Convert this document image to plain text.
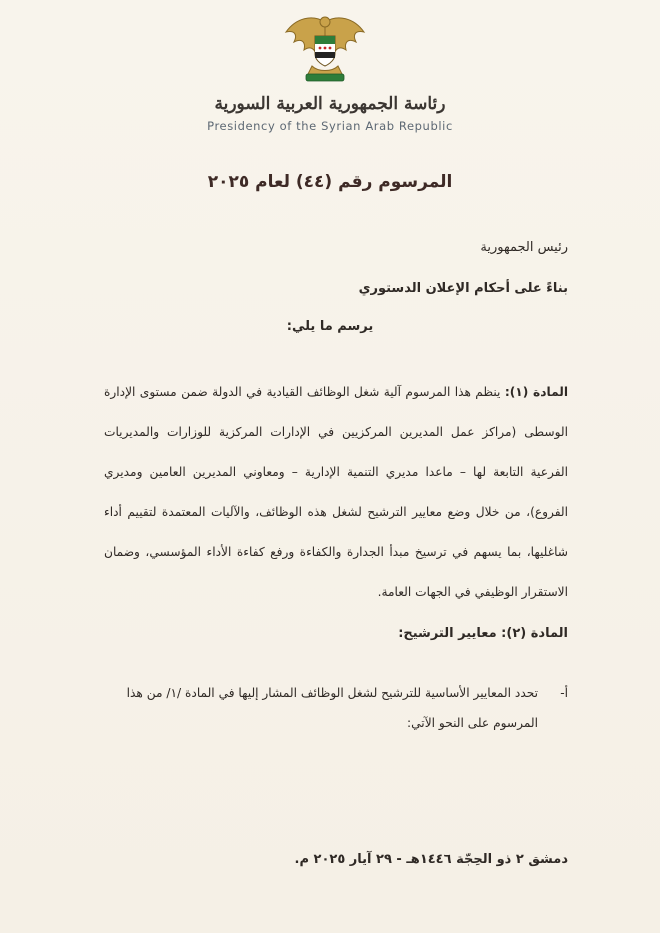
رئاسة الجمهورية العربية السورية
Presidency of the Syrian Arab Republic
المرسوم رقم (٤٤) لعام ٢٠٢٥
رئيس الجمهورية
بناءً على أحكام الإعلان الدستوري
يرسم ما يلي:
المادة (١): ينظم هذا المرسوم آلية شغل الوظائف القيادية في الدولة ضمن مستوى الإدارة الوسطى (مراكز عمل المديرين المركزيين في الإدارات المركزية للوزارات والمديريات الفرعية التابعة لها – ماعدا مديري التنمية الإدارية – ومعاوني المديرين العامين ومديري الفروع)، من خلال وضع معايير الترشيح لشغل هذه الوظائف، والآليات المعتمدة لتقييم أداء شاغليها، بما يسهم في ترسيخ مبدأ الجدارة والكفاءة ورفع كفاءة الأداء المؤسسي، وضمان الاستقرار الوظيفي في الجهات العامة.
المادة (٢): معايير الترشيح:
أ-
تحدد المعايير الأساسية للترشيح لشغل الوظائف المشار إليها في المادة /١/ من هذا المرسوم على النحو الآتي:
دمشق ٢ ذو الحِجّة ١٤٤٦هـ - ٢٩ آيار ٢٠٢٥ م.
